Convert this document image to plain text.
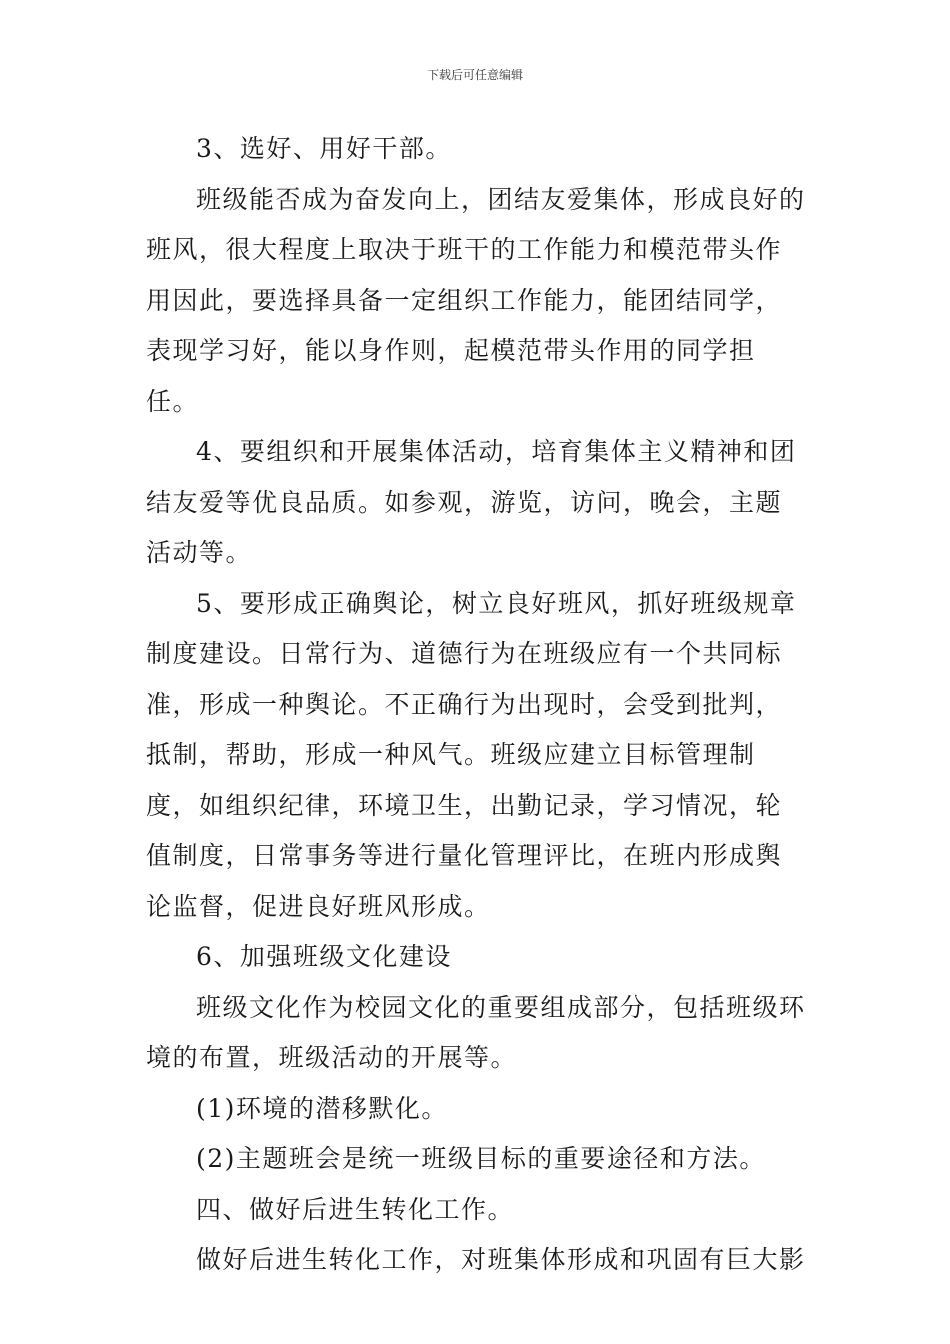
下载后可任意编辑

3、选好、用好干部。

班级能否成为奋发向上，团结友爱集体，形成良好的班风，很大程度上取决于班干的工作能力和模范带头作用因此，要选择具备一定组织工作能力，能团结同学，表现学习好，能以身作则，起模范带头作用的同学担任。

4、要组织和开展集体活动，培育集体主义精神和团结友爱等优良品质。如参观，游览，访问，晚会，主题活动等。

5、要形成正确舆论，树立良好班风，抓好班级规章制度建设。日常行为、道德行为在班级应有一个共同标准，形成一种舆论。不正确行为出现时，会受到批判，抵制，帮助，形成一种风气。班级应建立目标管理制度，如组织纪律，环境卫生，出勤记录，学习情况，轮值制度，日常事务等进行量化管理评比，在班内形成舆论监督，促进良好班风形成。

6、加强班级文化建设

班级文化作为校园文化的重要组成部分，包括班级环境的布置，班级活动的开展等。

(1)环境的潜移默化。

(2)主题班会是统一班级目标的重要途径和方法。

四、做好后进生转化工作。

做好后进生转化工作，对班集体形成和巩固有巨大影
